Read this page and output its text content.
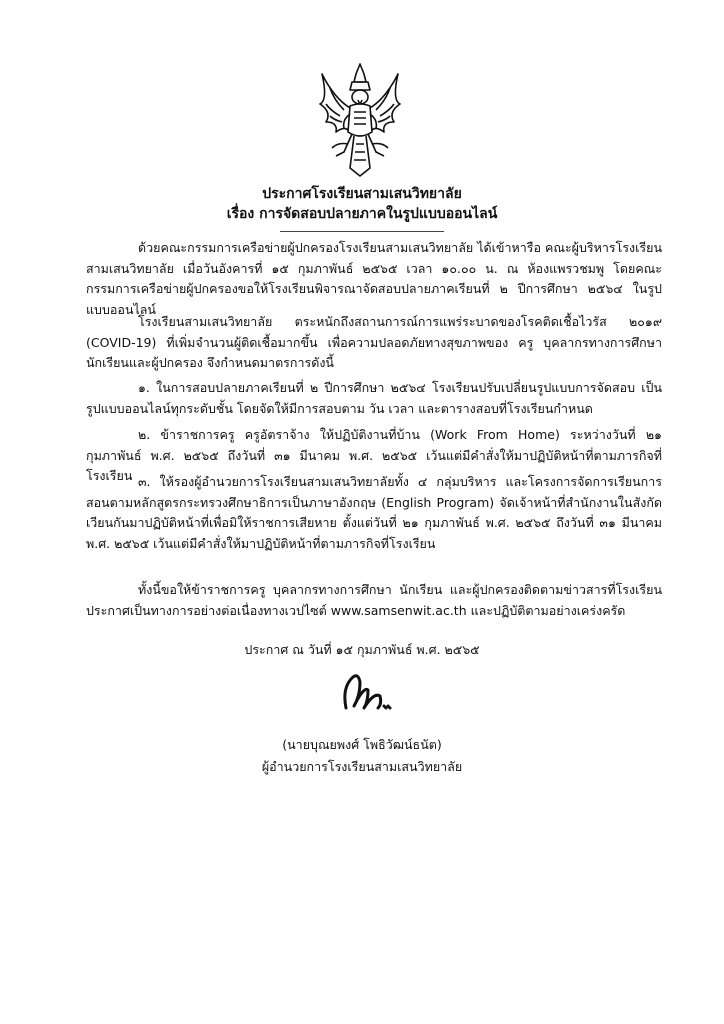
ประกาศโรงเรียนสามเสนวิทยาลัย
เรื่อง การจัดสอบปลายภาคในรูปแบบออนไลน์
ด้วยคณะกรรมการเครือข่ายผู้ปกครองโรงเรียนสามเสนวิทยาลัย ได้เข้าหารือ คณะผู้บริหารโรงเรียนสามเสนวิทยาลัย เมื่อวันอังคารที่ ๑๕ กุมภาพันธ์ ๒๕๖๕ เวลา ๑๐.๐๐ น. ณ ห้องแพรวชมพู โดยคณะกรรมการเครือข่ายผู้ปกครองขอให้โรงเรียนพิจารณาจัดสอบปลายภาคเรียนที่ ๒ ปีการศึกษา ๒๕๖๔ ในรูปแบบออนไลน์
โรงเรียนสามเสนวิทยาลัย ตระหนักถึงสถานการณ์การแพร่ระบาดของโรคติดเชื้อไวรัส ๒๐๑๙ (COVID-19) ที่เพิ่มจำนวนผู้ติดเชื้อมากขึ้น เพื่อความปลอดภัยทางสุขภาพของ ครู บุคลากรทางการศึกษา นักเรียนและผู้ปกครอง จึงกำหนดมาตรการดังนี้
๑. ในการสอบปลายภาคเรียนที่ ๒ ปีการศึกษา ๒๕๖๔ โรงเรียนปรับเปลี่ยนรูปแบบการจัดสอบ เป็นรูปแบบออนไลน์ทุกระดับชั้น โดยจัดให้มีการสอบตาม วัน เวลา และตารางสอบที่โรงเรียนกำหนด
๒. ข้าราชการครู ครูอัตราจ้าง ให้ปฏิบัติงานที่บ้าน (Work From Home) ระหว่างวันที่ ๒๑ กุมภาพันธ์ พ.ศ. ๒๕๖๕ ถึงวันที่ ๓๑ มีนาคม พ.ศ. ๒๕๖๕ เว้นแต่มีคำสั่งให้มาปฏิบัติหน้าที่ตามภารกิจที่โรงเรียน ๓. ให้รองผู้อำนวยการโรงเรียนสามเสนวิทยาลัยทั้ง ๔ กลุ่มบริหาร และโครงการจัดการเรียนการสอนตามหลักสูตรกระทรวงศึกษาธิการเป็นภาษาอังกฤษ (English Program) จัดเจ้าหน้าที่สำนักงานในสังกัดเวียนกันมาปฏิบัติหน้าที่เพื่อมิให้ราชการเสียหาย ตั้งแต่วันที่ ๒๑ กุมภาพันธ์ พ.ศ. ๒๕๖๕ ถึงวันที่ ๓๑ มีนาคม พ.ศ. ๒๕๖๕ เว้นแต่มีคำสั่งให้มาปฏิบัติหน้าที่ตามภารกิจที่โรงเรียน
ทั้งนี้ขอให้ข้าราชการครู บุคลากรทางการศึกษา นักเรียน และผู้ปกครองติดตามข่าวสารที่โรงเรียนประกาศเป็นทางการอย่างต่อเนื่องทางเวปไซต์ www.samsenwit.ac.th และปฏิบัติตามอย่างเคร่งครัด
ประกาศ ณ วันที่ ๑๕ กุมภาพันธ์ พ.ศ. ๒๕๖๕
(นายบุณยพงศ์ โพธิวัฒน์ธนัต)
ผู้อำนวยการโรงเรียนสามเสนวิทยาลัย
